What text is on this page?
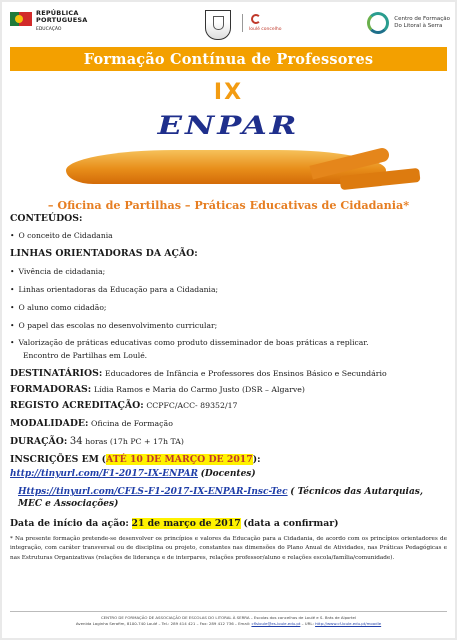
REPÚBLICA
PORTUGUESA
EDUCAÇÃO	loulé concelho
Centro de Formação
Do Litoral à Serra
Formação Contínua de Professores
IX
ENPAR
– Oficina de Partilhas – Práticas Educativas de Cidadania*
CONTEÚDOS:
• O conceito de Cidadania
LINHAS ORIENTADORAS DA AÇÃO:
• Vivência de cidadania;
• Linhas orientadoras da Educação para a Cidadania;
• O aluno como cidadão;
• O papel das escolas no desenvolvimento curricular;
• Valorização de práticas educativas como produto disseminador de boas práticas a replicar.
Encontro de Partilhas em Loulé.
DESTINATÁRIOS: Educadores de Infância e Professores dos Ensinos Básico e Secundário
FORMADORAS: Lídia Ramos e Maria do Carmo Justo (DSR – Algarve)
REGISTO ACREDITAÇÃO: CCPFC/ACC- 89352/17
MODALIDADE: Oficina de Formação
DURAÇÃO: 34 horas (17h PC + 17h TA)
INSCRIÇÕES EM (ATÉ 10 DE MARÇO DE 2017):
http://tinyurl.com/F1-2017-IX-ENPAR (Docentes)
Https://tinyurl.com/CFLS-F1-2017-IX-ENPAR-Insc-Tec ( Técnicos das Autarquias,
MEC e Associações)
Data de início da ação: 21 de março de 2017 (data a confirmar)
* Na presente formação pretende-se desenvolver os princípios e valores da Educação para a Cidadania, de acordo com os princípios orientadores de integração, com caráter transversal ou de disciplina ou projeto, constantes nas dimensões do Plano Anual de Atividades, nas Práticas Pedagógicas e nas Estruturas Organizativas (relações de liderança e de interpares, relações professor/aluno e relações escola/família/comunidade).
CENTRO DE FORMAÇÃO DE ASSOCIAÇÃO DE ESCOLAS DO LITORAL À SERRA – Escolas dos concelhos de Loulé e S. Brás de Alportel
Avenida Laginha Serafim, 8100-740 Loulé – Tel.: 289 414 421 – Fax: 289 412 736 – Email: cflsloule@es-loule.edu.pt – URL: http://www.cf-loule.edu.pt/moodle
